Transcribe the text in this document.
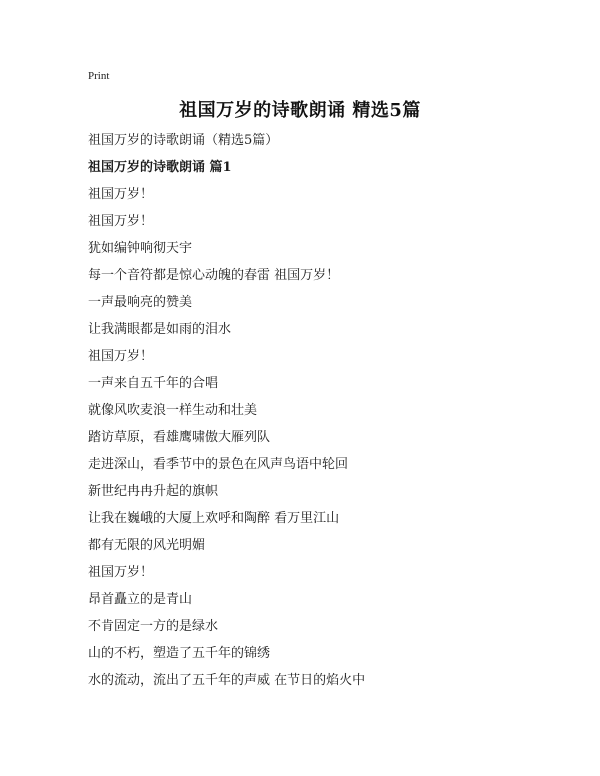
Print
祖国万岁的诗歌朗诵 精选5篇
祖国万岁的诗歌朗诵（精选5篇）
祖国万岁的诗歌朗诵 篇1
祖国万岁！
祖国万岁！
犹如编钟响彻天宇
每一个音符都是惊心动魄的春雷 祖国万岁！
一声最响亮的赞美
让我满眼都是如雨的泪水
祖国万岁！
一声来自五千年的合唱
就像风吹麦浪一样生动和壮美
踏访草原，看雄鹰啸傲大雁列队
走进深山，看季节中的景色在风声鸟语中轮回
新世纪冉冉升起的旗帜
让我在巍峨的大厦上欢呼和陶醉 看万里江山
都有无限的风光明媚
祖国万岁！
昂首矗立的是青山
不肯固定一方的是绿水
山的不朽，塑造了五千年的锦绣
水的流动，流出了五千年的声威 在节日的焰火中
